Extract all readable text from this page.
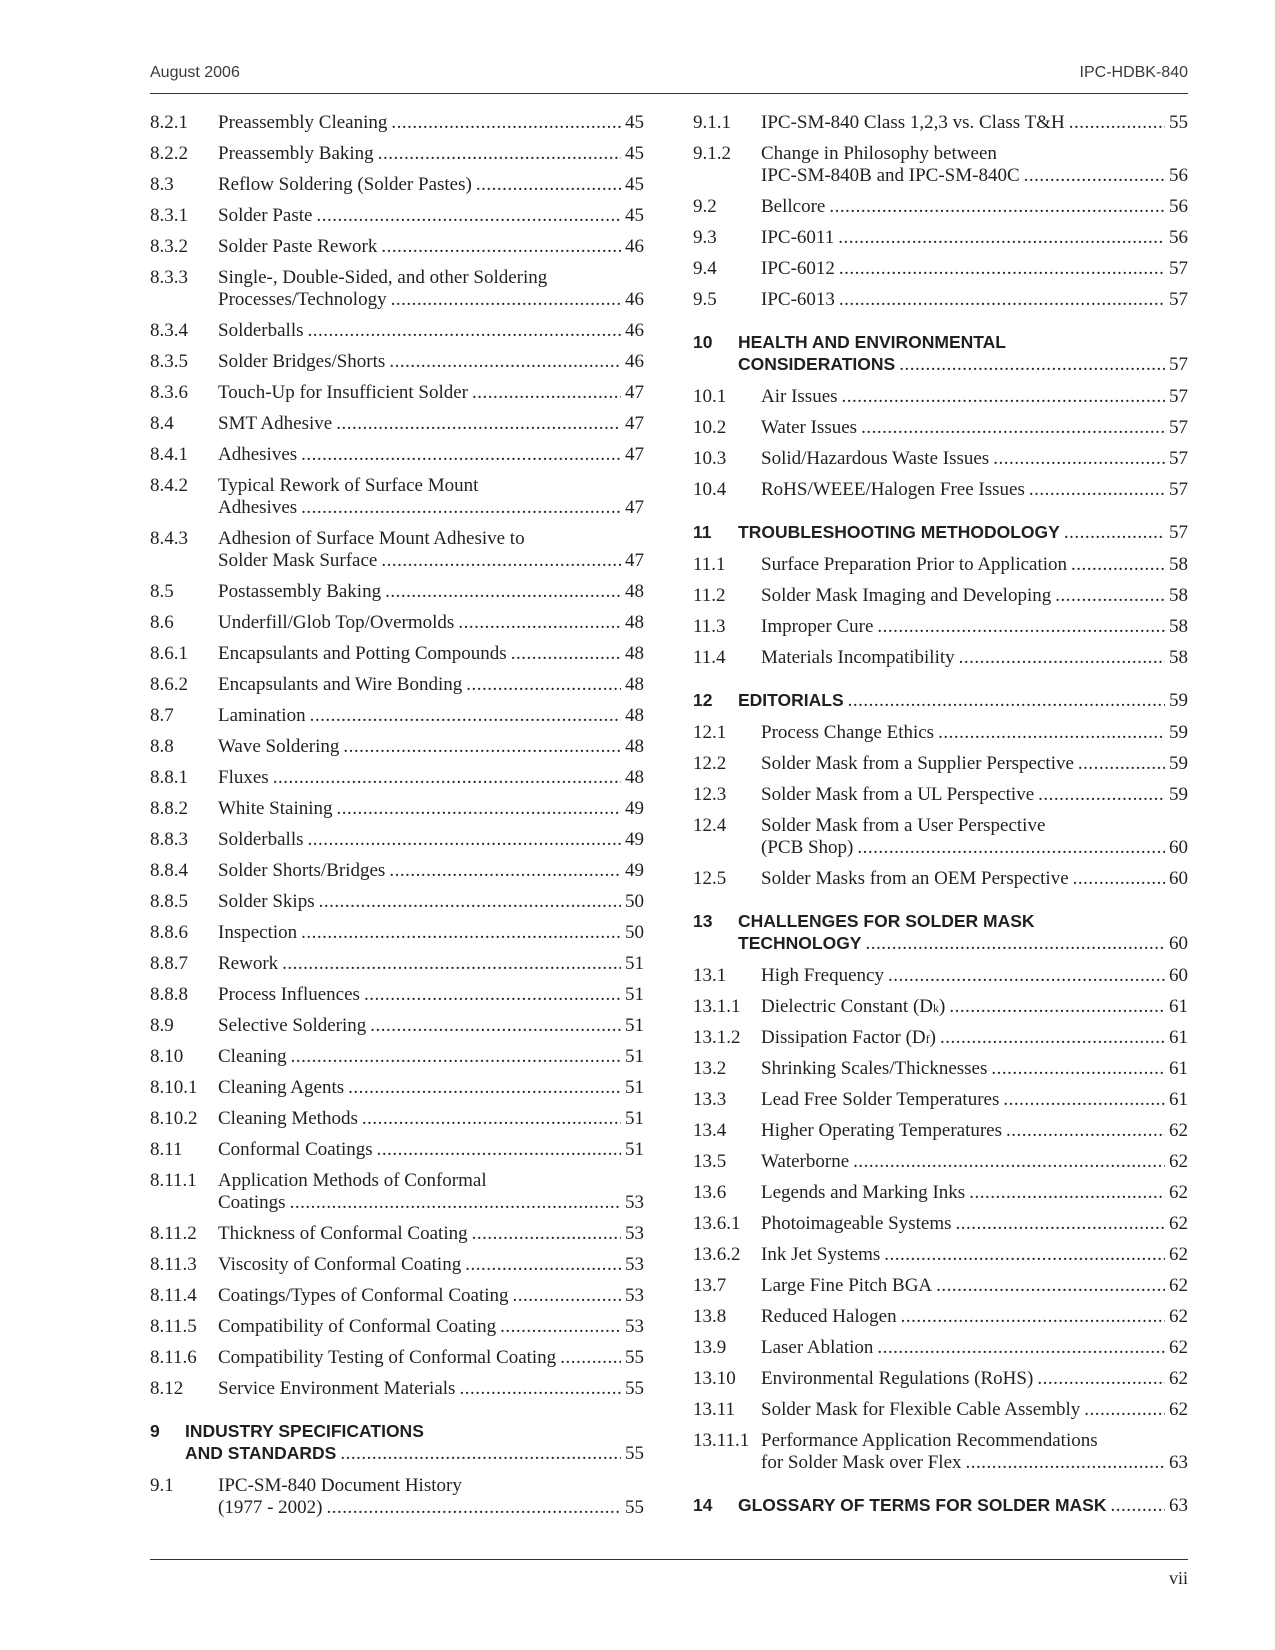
August 2006	IPC-HDBK-840
8.2.1 Preassembly Cleaning .....	45
8.2.2 Preassembly Baking .....	45
8.3 Reflow Soldering (Solder Pastes) .....	45
8.3.1 Solder Paste .....	45
8.3.2 Solder Paste Rework .....	46
8.3.3 Single-, Double-Sided, and other Soldering
Processes/Technology .....	46
8.3.4 Solderballs .....	46
8.3.5 Solder Bridges/Shorts .....	46
8.3.6 Touch-Up for Insufficient Solder .....	47
8.4 SMT Adhesive .....	47
8.4.1 Adhesives .....	47
8.4.2 Typical Rework of Surface Mount
Adhesives .....	47
8.4.3 Adhesion of Surface Mount Adhesive to
Solder Mask Surface .....	47
8.5 Postassembly Baking .....	48
8.6 Underfill/Glob Top/Overmolds .....	48
8.6.1 Encapsulants and Potting Compounds .....	48
8.6.2 Encapsulants and Wire Bonding .....	48
8.7 Lamination .....	48
8.8 Wave Soldering .....	48
8.8.1 Fluxes .....	48
8.8.2 White Staining .....	49
8.8.3 Solderballs .....	49
8.8.4 Solder Shorts/Bridges .....	49
8.8.5 Solder Skips .....	50
8.8.6 Inspection .....	50
8.8.7 Rework .....	51
8.8.8 Process Influences .....	51
8.9 Selective Soldering .....	51
8.10 Cleaning .....	51
8.10.1 Cleaning Agents .....	51
8.10.2 Cleaning Methods .....	51
8.11 Conformal Coatings .....	51
8.11.1 Application Methods of Conformal
Coatings .....	53
8.11.2 Thickness of Conformal Coating .....	53
8.11.3 Viscosity of Conformal Coating .....	53
8.11.4 Coatings/Types of Conformal Coating .....	53
8.11.5 Compatibility of Conformal Coating .....	53
8.11.6 Compatibility Testing of Conformal Coating .....	55
8.12 Service Environment Materials .....	55
9 INDUSTRY SPECIFICATIONS
AND STANDARDS .....	55
9.1 IPC-SM-840 Document History
(1977 - 2002) .....	55
9.1.1 IPC-SM-840 Class 1,2,3 vs. Class T&H .....	55
9.1.2 Change in Philosophy between
IPC-SM-840B and IPC-SM-840C .....	56
9.2 Bellcore .....	56
9.3 IPC-6011 .....	56
9.4 IPC-6012 .....	57
9.5 IPC-6013 .....	57
10 HEALTH AND ENVIRONMENTAL
CONSIDERATIONS .....	57
10.1 Air Issues .....	57
10.2 Water Issues .....	57
10.3 Solid/Hazardous Waste Issues .....	57
10.4 RoHS/WEEE/Halogen Free Issues .....	57
11 TROUBLESHOOTING METHODOLOGY .....	57
11.1 Surface Preparation Prior to Application .....	58
11.2 Solder Mask Imaging and Developing .....	58
11.3 Improper Cure .....	58
11.4 Materials Incompatibility .....	58
12 EDITORIALS .....	59
12.1 Process Change Ethics .....	59
12.2 Solder Mask from a Supplier Perspective .....	59
12.3 Solder Mask from a UL Perspective .....	59
12.4 Solder Mask from a User Perspective
(PCB Shop) .....	60
12.5 Solder Masks from an OEM Perspective .....	60
13 CHALLENGES FOR SOLDER MASK
TECHNOLOGY .....	60
13.1 High Frequency .....	60
13.1.1 Dielectric Constant (D k ) .....	61
13.1.2 Dissipation Factor (D f ) .....	61
13.2 Shrinking Scales/Thicknesses .....	61
13.3 Lead Free Solder Temperatures .....	61
13.4 Higher Operating Temperatures .....	62
13.5 Waterborne .....	62
13.6 Legends and Marking Inks .....	62
13.6.1 Photoimageable Systems .....	62
13.6.2 Ink Jet Systems .....	62
13.7 Large Fine Pitch BGA .....	62
13.8 Reduced Halogen .....	62
13.9 Laser Ablation .....	62
13.10 Environmental Regulations (RoHS) .....	62
13.11 Solder Mask for Flexible Cable Assembly .....	62
13.11.1 Performance Application Recommendations
for Solder Mask over Flex .....	63
14 GLOSSARY OF TERMS FOR SOLDER MASK .....	63
vii
